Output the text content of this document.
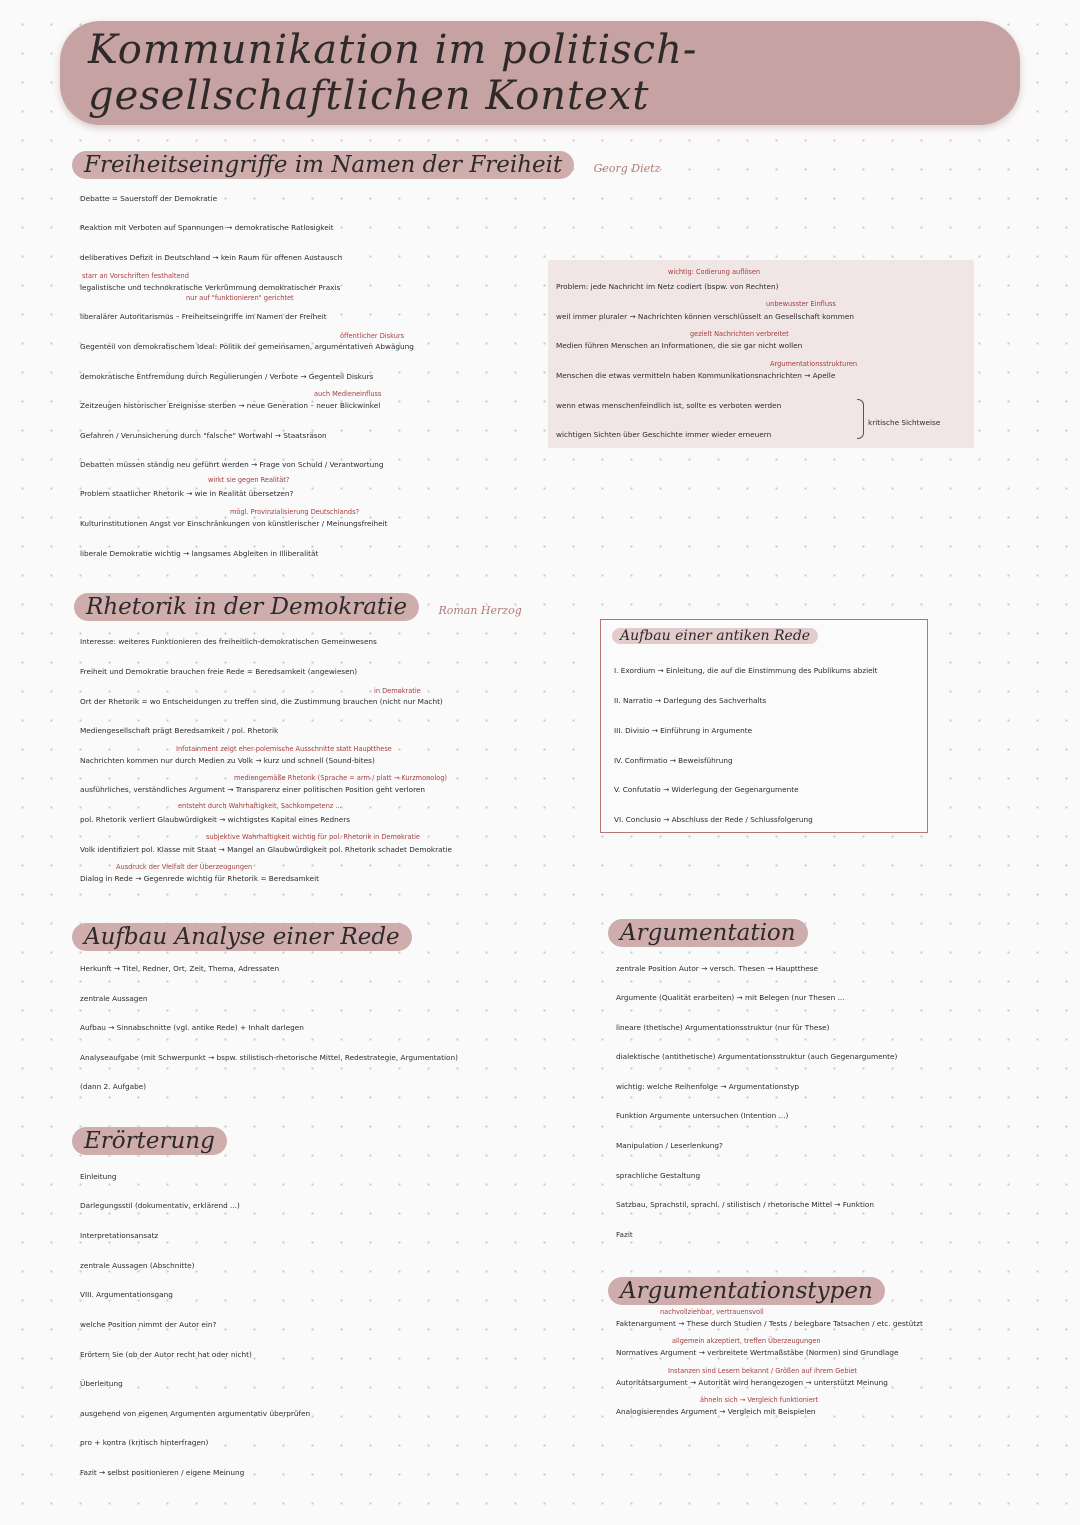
Kommunikation im politisch-gesellschaftlichen Kontext
Freiheitseingriffe im Namen der Freiheit	Georg Dietz
Debatte = Sauerstoff der Demokratie
Reaktion mit Verboten auf Spannungen → demokratische Ratlosigkeit
deliberatives Defizit in Deutschland → kein Raum für offenen Austausch
starr an Vorschriften festhaltend
legalistische und technokratische Verkrümmung demokratischer Praxis
nur auf "funktionieren" gerichtet
liberalärer Autoritarismus – Freiheitseingriffe im Namen der Freiheit
öffentlicher Diskurs
Gegenteil von demokratischem Ideal: Politik der gemeinsamen, argumentativen Abwägung
demokratische Entfremdung durch Regulierungen / Verbote → Gegenteil Diskurs
auch Medieneinfluss
Zeitzeugen historischer Ereignisse sterben → neue Generation – neuer Blickwinkel
Gefahren / Verunsicherung durch "falsche" Wortwahl → Staatsräson
Debatten müssen ständig neu geführt werden → Frage von Schuld / Verantwortung
wirkt sie gegen Realität?
Problem staatlicher Rhetorik → wie in Realität übersetzen?
mögl. Provinzialisierung Deutschlands?
Kulturinstitutionen Angst vor Einschränkungen von künstlerischer / Meinungsfreiheit
liberale Demokratie wichtig → langsames Abgleiten in Illiberalität
wichtig: Codierung auflösen
Problem: jede Nachricht im Netz codiert (bspw. von Rechten)
unbewusster Einfluss
weil immer pluraler → Nachrichten können verschlüsselt an Gesellschaft kommen
gezielt Nachrichten verbreitet
Medien führen Menschen an Informationen, die sie gar nicht wollen
Argumentationsstrukturen
Menschen die etwas vermitteln haben Kommunikationsnachrichten → Apelle
wenn etwas menschenfeindlich ist, sollte es verboten werden
wichtigen Sichten über Geschichte immer wieder erneuern
kritische Sichtweise
Rhetorik in der Demokratie	Roman Herzog
Interesse: weiteres Funktionieren des freiheitlich-demokratischen Gemeinwesens
Freiheit und Demokratie brauchen freie Rede = Beredsamkeit (angewiesen)
in Demokratie
Ort der Rhetorik = wo Entscheidungen zu treffen sind, die Zustimmung brauchen (nicht nur Macht)
Mediengesellschaft prägt Beredsamkeit / pol. Rhetorik
Infotainment zeigt eher polemische Ausschnitte statt Hauptthese
Nachrichten kommen nur durch Medien zu Volk → kurz und schnell (Sound-bites)
mediengemäße Rhetorik (Sprache = arm / platt → Kurzmonolog)
ausführliches, verständliches Argument → Transparenz einer politischen Position geht verloren
entsteht durch Wahrhaftigkeit, Sachkompetenz ...
pol. Rhetorik verliert Glaubwürdigkeit → wichtigstes Kapital eines Redners
subjektive Wahrhaftigkeit wichtig für pol. Rhetorik in Demokratie
Volk identifiziert pol. Klasse mit Staat → Mangel an Glaubwürdigkeit pol. Rhetorik schadet Demokratie
Ausdruck der Vielfalt der Überzeugungen
Dialog in Rede → Gegenrede wichtig für Rhetorik = Beredsamkeit
Aufbau einer antiken Rede
I. Exordium → Einleitung, die auf die Einstimmung des Publikums abzielt
II. Narratio → Darlegung des Sachverhalts
III. Divisio → Einführung in Argumente
IV. Confirmatio → Beweisführung
V. Confutatio → Widerlegung der Gegenargumente
VI. Conclusio → Abschluss der Rede / Schlussfolgerung
Aufbau Analyse einer Rede
Herkunft → Titel, Redner, Ort, Zeit, Thema, Adressaten
zentrale Aussagen
Aufbau → Sinnabschnitte (vgl. antike Rede) + Inhalt darlegen
Analyseaufgabe (mit Schwerpunkt → bspw. stilistisch-rhetorische Mittel, Redestrategie, Argumentation)
(dann 2. Aufgabe)
Erörterung
Einleitung
Darlegungsstil (dokumentativ, erklärend ...)
Interpretationsansatz
zentrale Aussagen (Abschnitte)
VIII. Argumentationsgang
welche Position nimmt der Autor ein?
Erörtern Sie (ob der Autor recht hat oder nicht)
Überleitung
ausgehend von eigenen Argumenten argumentativ überprüfen
pro + kontra (kritisch hinterfragen)
Fazit → selbst positionieren / eigene Meinung
Argumentation
zentrale Position Autor → versch. Thesen → Hauptthese
Argumente (Qualität erarbeiten) → mit Belegen (nur Thesen ...
lineare (thetische) Argumentationsstruktur (nur für These)
dialektische (antithetische) Argumentationsstruktur (auch Gegenargumente)
wichtig: welche Reihenfolge → Argumentationstyp
Funktion Argumente untersuchen (Intention ...)
Manipulation / Leserlenkung?
sprachliche Gestaltung
Satzbau, Sprachstil, sprachl. / stilistisch / rhetorische Mittel → Funktion
Fazit
Argumentationstypen
nachvollziehbar, vertrauensvoll
Faktenargument → These durch Studien / Tests / belegbare Tatsachen / etc. gestützt
allgemein akzeptiert, treffen Überzeugungen
Normatives Argument → verbreitete Wertmaßstäbe (Normen) sind Grundlage
Instanzen sind Lesern bekannt / Größen auf ihrem Gebiet
Autoritätsargument → Autorität wird herangezogen → unterstützt Meinung
ähneln sich → Vergleich funktioniert
Analogisierendes Argument → Vergleich mit Beispielen
